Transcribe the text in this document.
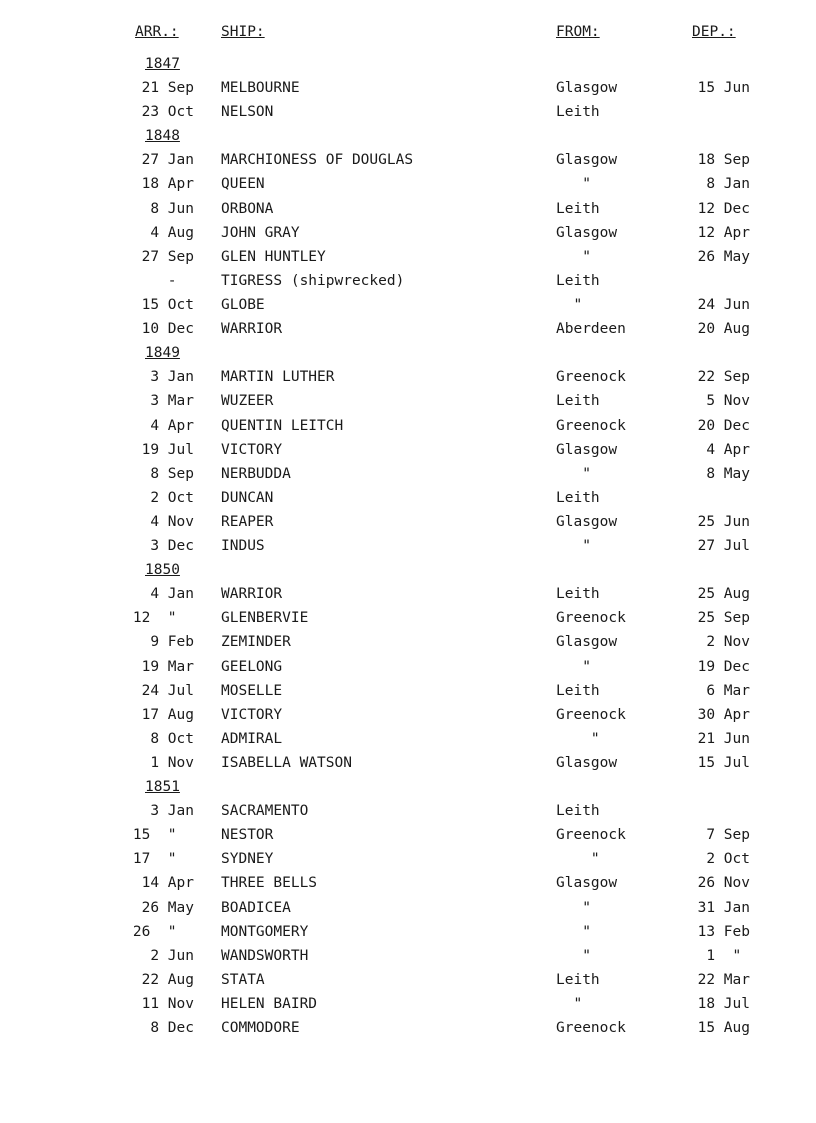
ARR.:	SHIP:	FROM:	DEP.:
1847
21 Sep MELBOURNE	Glasgow	15 Jun
23 Oct NELSON	Leith
1848
27 Jan MARCHIONESS OF DOUGLAS	Glasgow	18 Sep
18 Apr QUEEN	"	8 Jan
8 Jun ORBONA	Leith	12 Dec
4 Aug JOHN GRAY	Glasgow	12 Apr
27 Sep GLEN HUNTLEY	"	26 May
- TIGRESS (shipwrecked)	Leith
15 Oct GLOBE	"	24 Jun
10 Dec WARRIOR	Aberdeen	20 Aug
1849
3 Jan MARTIN LUTHER	Greenock	22 Sep
3 Mar WUZEER	Leith	5 Nov
4 Apr QUENTIN LEITCH	Greenock	20 Dec
19 Jul VICTORY	Glasgow	4 Apr
8 Sep NERBUDDA	"	8 May
2 Oct DUNCAN	Leith
4 Nov REAPER	Glasgow	25 Jun
3 Dec INDUS	"	27 Jul
1850
4 Jan WARRIOR	Leith	25 Aug
12  " GLENBERVIE	Greenock	25 Sep
9 Feb ZEMINDER	Glasgow	2 Nov
19 Mar GEELONG	"	19 Dec
24 Jul MOSELLE	Leith	6 Mar
17 Aug VICTORY	Greenock	30 Apr
8 Oct ADMIRAL	"	21 Jun
1 Nov ISABELLA WATSON	Glasgow	15 Jul
1851
3 Jan SACRAMENTO	Leith
15  " NESTOR	Greenock	7 Sep
17  " SYDNEY	"	2 Oct
14 Apr THREE BELLS	Glasgow	26 Nov
26 May BOADICEA	"	31 Jan
26  " MONTGOMERY	"	13 Feb
2 Jun WANDSWORTH	"	1  "
22 Aug STATA	Leith	22 Mar
11 Nov HELEN BAIRD	"	18 Jul
8 Dec COMMODORE	Greenock	15 Aug
